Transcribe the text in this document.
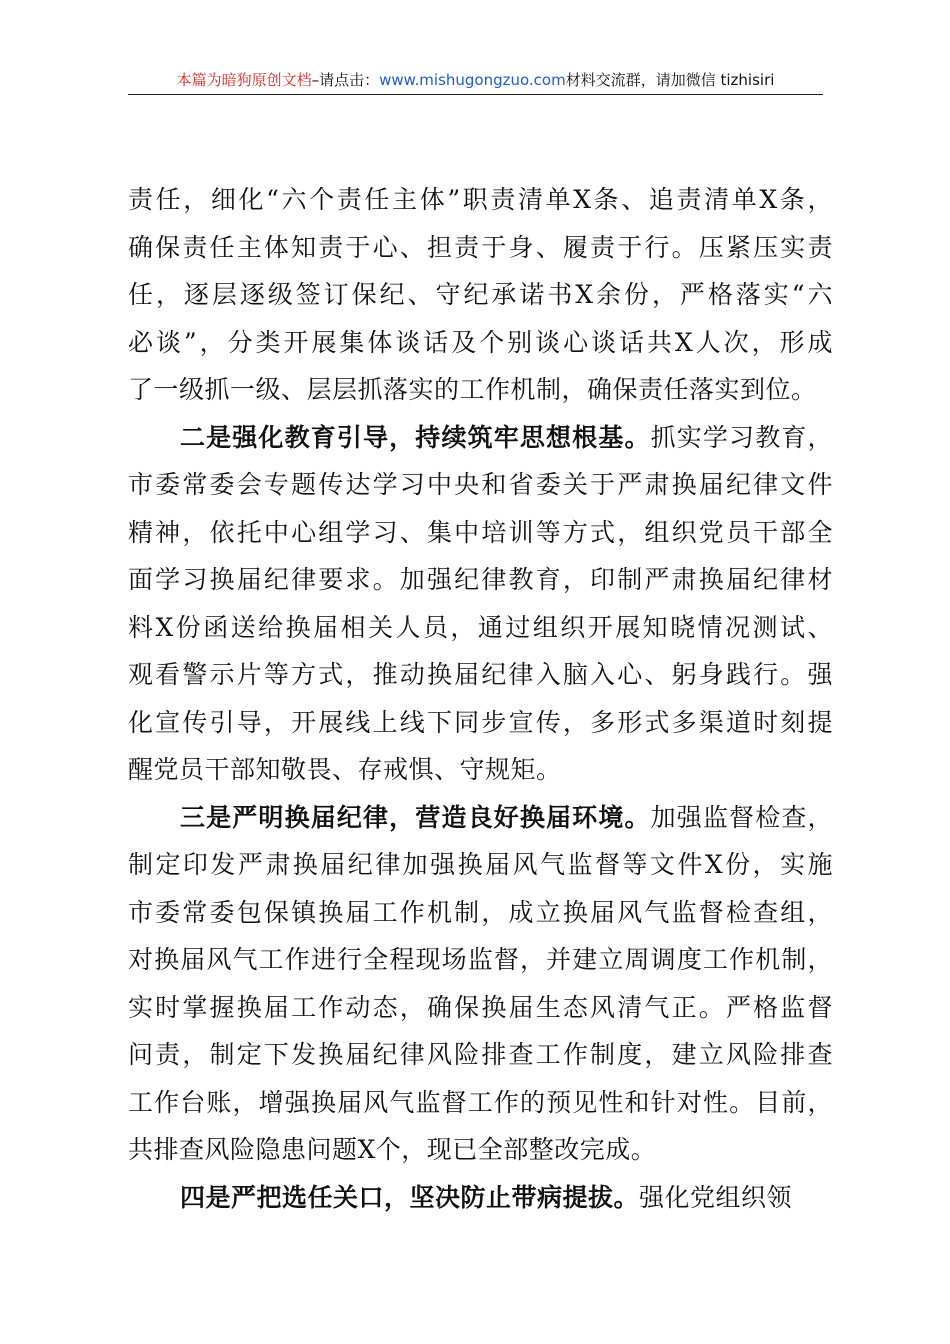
本篇为暗狗原创文档–请点击：www.mishugongzuo.com材料交流群，请加微信 tizhisiri
责任，细化“六个责任主体”职责清单X条、追责清单X条，
确保责任主体知责于心、担责于身、履责于行。压紧压实责
任，逐层逐级签订保纪、守纪承诺书X余份，严格落实“六
必谈”，分类开展集体谈话及个别谈心谈话共X人次，形成
了一级抓一级、层层抓落实的工作机制，确保责任落实到位。
二是强化教育引导，持续筑牢思想根基。抓实学习教育，
市委常委会专题传达学习中央和省委关于严肃换届纪律文件
精神，依托中心组学习、集中培训等方式，组织党员干部全
面学习换届纪律要求。加强纪律教育，印制严肃换届纪律材
料X份函送给换届相关人员，通过组织开展知晓情况测试、
观看警示片等方式，推动换届纪律入脑入心、躬身践行。强
化宣传引导，开展线上线下同步宣传，多形式多渠道时刻提
醒党员干部知敬畏、存戒惧、守规矩。
三是严明换届纪律，营造良好换届环境。加强监督检查，
制定印发严肃换届纪律加强换届风气监督等文件X份，实施
市委常委包保镇换届工作机制，成立换届风气监督检查组，
对换届风气工作进行全程现场监督，并建立周调度工作机制，
实时掌握换届工作动态，确保换届生态风清气正。严格监督
问责，制定下发换届纪律风险排查工作制度，建立风险排查
工作台账，增强换届风气监督工作的预见性和针对性。目前，
共排查风险隐患问题X个，现已全部整改完成。
四是严把选任关口，坚决防止带病提拔。强化党组织领
